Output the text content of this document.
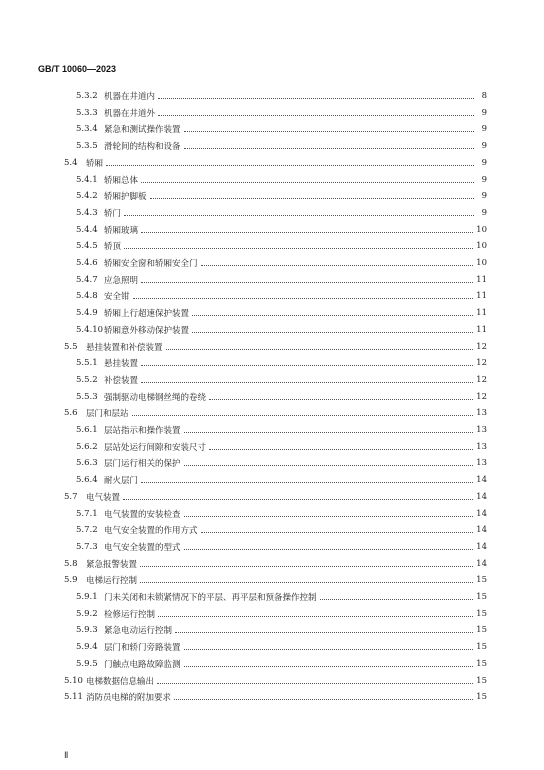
GB/T 10060—2023
5.3.2 机器在井道内	8
5.3.3 机器在井道外	9
5.3.4 紧急和测试操作装置	9
5.3.5 滑轮间的结构和设备	9
5.4 轿厢	9
5.4.1 轿厢总体	9
5.4.2 轿厢护脚板	9
5.4.3 轿门	9
5.4.4 轿厢玻璃	10
5.4.5 轿顶	10
5.4.6 轿厢安全窗和轿厢安全门	10
5.4.7 应急照明	11
5.4.8 安全钳	11
5.4.9 轿厢上行超速保护装置	11
5.4.10 轿厢意外移动保护装置	11
5.5 悬挂装置和补偿装置	12
5.5.1 悬挂装置	12
5.5.2 补偿装置	12
5.5.3 强制驱动电梯钢丝绳的卷绕	12
5.6 层门和层站	13
5.6.1 层站指示和操作装置	13
5.6.2 层站处运行间隙和安装尺寸	13
5.6.3 层门运行相关的保护	13
5.6.4 耐火层门	14
5.7 电气装置	14
5.7.1 电气装置的安装检查	14
5.7.2 电气安全装置的作用方式	14
5.7.3 电气安全装置的型式	14
5.8 紧急报警装置	14
5.9 电梯运行控制	15
5.9.1 门未关闭和未锁紧情况下的平层、再平层和预备操作控制	15
5.9.2 检修运行控制	15
5.9.3 紧急电动运行控制	15
5.9.4 层门和轿门旁路装置	15
5.9.5 门触点电路故障监测	15
5.10 电梯数据信息输出	15
5.11 消防员电梯的附加要求	15
Ⅱ
